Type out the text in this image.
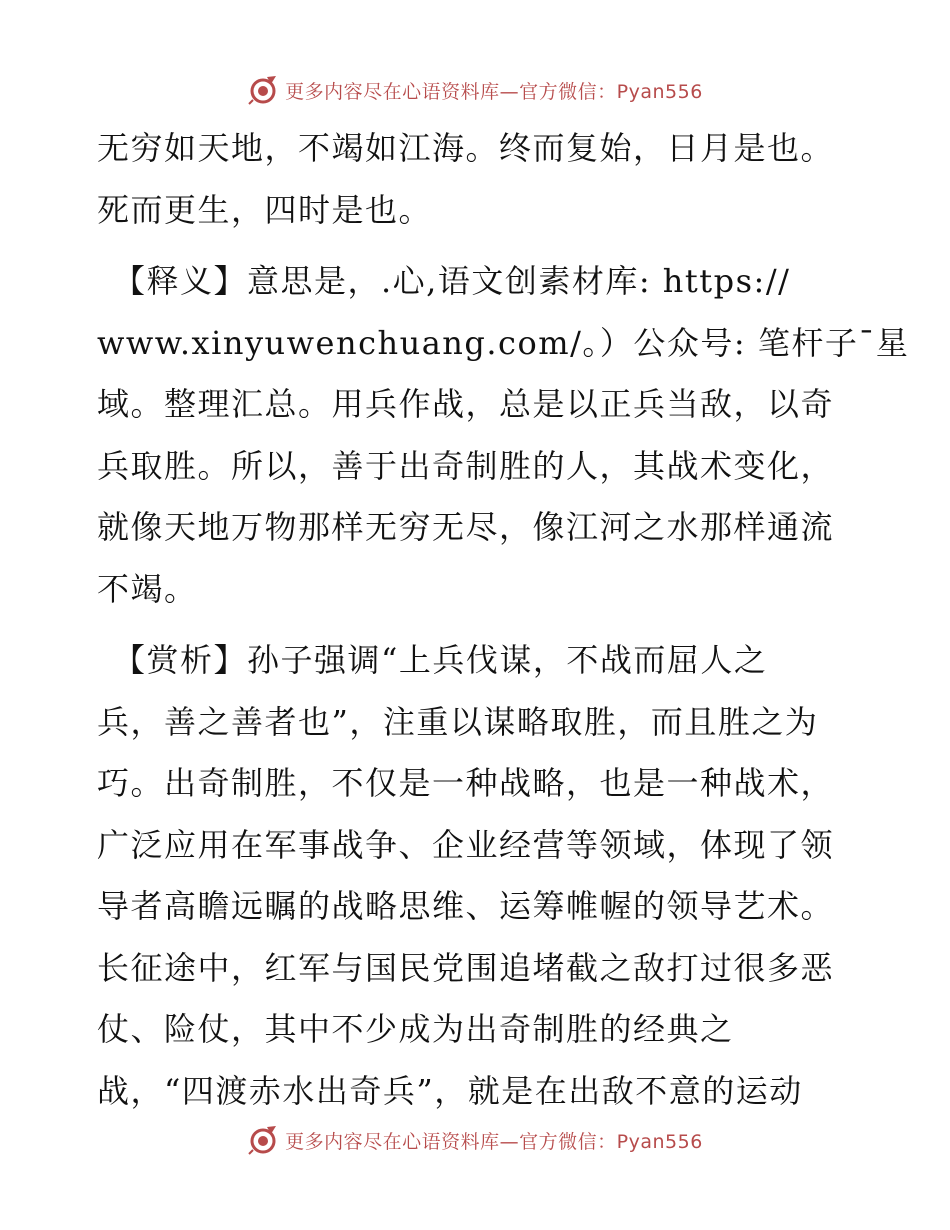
更多内容尽在心语资料库—官方微信：Pyan556

无穷如天地，不竭如江海。终而复始，日月是也。
死而更生，四时是也。

【释义】意思是，.心,语文创素材库: https://
www.xinyuwenchuang.com/。）公众号: 笔杆子¯星
域。整理汇总。用兵作战，总是以正兵当敌，以奇
兵取胜。所以，善于出奇制胜的人，其战术变化，
就像天地万物那样无穷无尽，像江河之水那样通流
不竭。

【赏析】孙子强调“上兵伐谋，不战而屈人之
兵，善之善者也”，注重以谋略取胜，而且胜之为
巧。出奇制胜，不仅是一种战略，也是一种战术，
广泛应用在军事战争、企业经营等领域，体现了领
导者高瞻远瞩的战略思维、运筹帷幄的领导艺术。
长征途中，红军与国民党围追堵截之敌打过很多恶
仗、险仗，其中不少成为出奇制胜的经典之
战，“四渡赤水出奇兵”，就是在出敌不意的运动

更多内容尽在心语资料库—官方微信：Pyan556
